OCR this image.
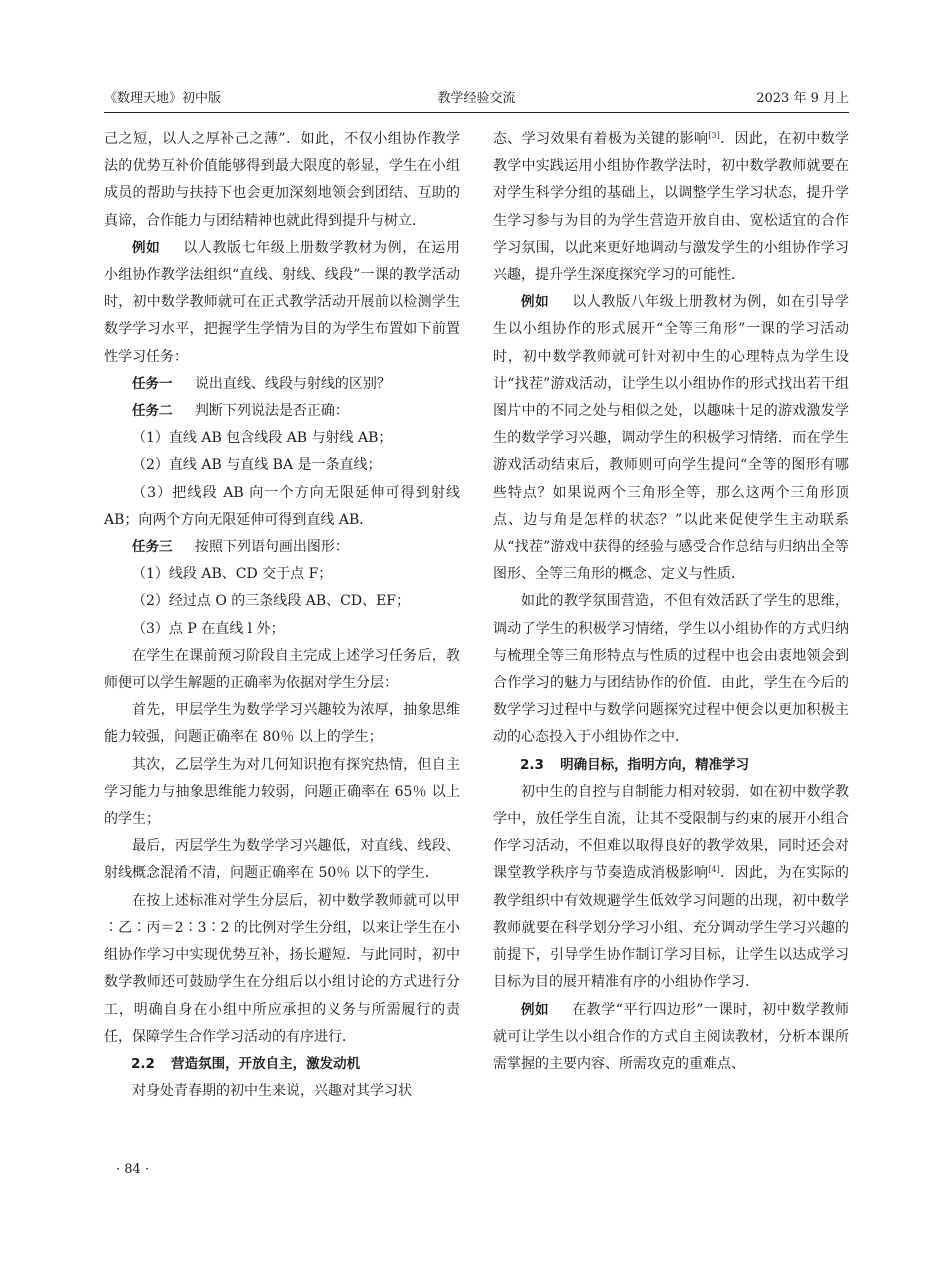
《数理天地》初中版	教学经验交流	2023 年 9 月上

己之短，以人之厚补己之薄”．如此，不仅小组协作教学法的优势互补价值能够得到最大限度的彰显，学生在小组成员的帮助与扶持下也会更加深刻地领会到团结、互助的真谛，合作能力与团结精神也就此得到提升与树立．

例如 以人教版七年级上册数学教材为例，在运用小组协作教学法组织“直线、射线、线段”一课的教学活动时，初中数学教师就可在正式教学活动开展前以检测学生数学学习水平，把握学生学情为目的为学生布置如下前置性学习任务：

任务一 说出直线、线段与射线的区别？

任务二 判断下列说法是否正确：

（1）直线 AB 包含线段 AB 与射线 AB；

（2）直线 AB 与直线 BA 是一条直线；

（3）把线段 AB 向一个方向无限延伸可得到射线 AB；向两个方向无限延伸可得到直线 AB．

任务三 按照下列语句画出图形：

（1）线段 AB、CD 交于点 F；

（2）经过点 O 的三条线段 AB、CD、EF；

（3）点 P 在直线 l 外；

在学生在课前预习阶段自主完成上述学习任务后，教师便可以学生解题的正确率为依据对学生分层：

首先，甲层学生为数学学习兴趣较为浓厚，抽象思维能力较强，问题正确率在 80％ 以上的学生；

其次，乙层学生为对几何知识抱有探究热情，但自主学习能力与抽象思维能力较弱，问题正确率在 65％ 以上的学生；

最后，丙层学生为数学学习兴趣低，对直线、线段、射线概念混淆不清，问题正确率在 50％ 以下的学生．

在按上述标准对学生分层后，初中数学教师就可以甲∶乙∶丙＝2∶3∶2 的比例对学生分组，以来让学生在小组协作学习中实现优势互补，扬长避短．与此同时，初中数学教师还可鼓励学生在分组后以小组讨论的方式进行分工，明确自身在小组中所应承担的义务与所需履行的责任，保障学生合作学习活动的有序进行．

2.2 营造氛围，开放自主，激发动机

对身处青春期的初中生来说，兴趣对其学习状

态、学习效果有着极为关键的影响[3]．因此，在初中数学教学中实践运用小组协作教学法时，初中数学教师就要在对学生科学分组的基础上，以调整学生学习状态，提升学生学习参与为目的为学生营造开放自由、宽松适宜的合作学习氛围，以此来更好地调动与激发学生的小组协作学习兴趣，提升学生深度探究学习的可能性．

例如 以人教版八年级上册教材为例，如在引导学生以小组协作的形式展开“全等三角形”一课的学习活动时，初中数学教师就可针对初中生的心理特点为学生设计“找茬”游戏活动，让学生以小组协作的形式找出若干组图片中的不同之处与相似之处，以趣味十足的游戏激发学生的数学学习兴趣，调动学生的积极学习情绪．而在学生游戏活动结束后，教师则可向学生提问“全等的图形有哪些特点？如果说两个三角形全等，那么这两个三角形顶点、边与角是怎样的状态？”以此来促使学生主动联系从“找茬”游戏中获得的经验与感受合作总结与归纳出全等图形、全等三角形的概念、定义与性质．

如此的教学氛围营造，不但有效活跃了学生的思维，调动了学生的积极学习情绪，学生以小组协作的方式归纳与梳理全等三角形特点与性质的过程中也会由衷地领会到合作学习的魅力与团结协作的价值．由此，学生在今后的数学学习过程中与数学问题探究过程中便会以更加积极主动的心态投入于小组协作之中．

2.3 明确目标，指明方向，精准学习

初中生的自控与自制能力相对较弱．如在初中数学教学中，放任学生自流，让其不受限制与约束的展开小组合作学习活动，不但难以取得良好的教学效果，同时还会对课堂教学秩序与节奏造成消极影响[4]．因此，为在实际的教学组织中有效规避学生低效学习问题的出现，初中数学教师就要在科学划分学习小组、充分调动学生学习兴趣的前提下，引导学生协作制订学习目标，让学生以达成学习目标为目的展开精准有序的小组协作学习．

例如 在教学“平行四边形”一课时，初中数学教师就可让学生以小组合作的方式自主阅读教材，分析本课所需掌握的主要内容、所需攻克的重难点、

· 84 ·
